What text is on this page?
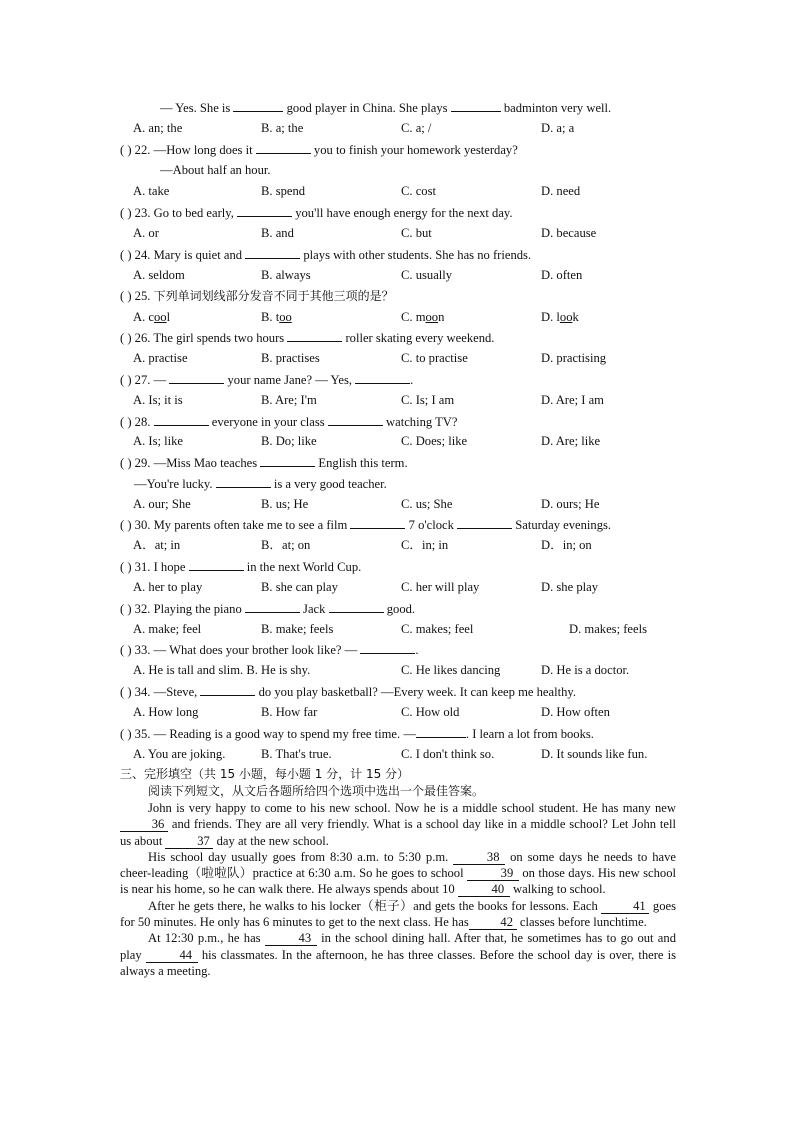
— Yes. She is	good player in China. She plays	badminton very well.
A. an; the	B. a; the	C. a; /	D. a; a
( ) 22. —How long does it	you to finish your homework yesterday?
—About half an hour.
A. take	B. spend	C. cost	D. need
( ) 23. Go to bed early,	you'll have enough energy for the next day.
A. or	B. and	C. but	D. because
( ) 24. Mary is quiet and	plays with other students. She has no friends.
A. seldom	B. always	C. usually	D. often
( ) 25. 下列单词划线部分发音不同于其他三项的是？
A. cool	B. too	C. moon	D. look
( ) 26. The girl spends two hours	roller skating every weekend.
A. practise	B. practises	C. to practise	D. practising
( ) 27. —	your name Jane? — Yes,	.
A. Is; it is	B. Are; I'm	C. Is; I am	D. Are; I am
( ) 28.	everyone in your class	watching TV?
A. Is; like	B. Do; like	C. Does; like	D. Are; like
( ) 29. —Miss Mao teaches	English this term.
—You're lucky.	is a very good teacher.
A. our; She	B. us; He	C. us; She	D. ours; He
( ) 30. My parents often take me to see a film	7 o'clock	Saturday evenings.
A．at; in	B．at; on	C．in; in	D．in; on
( ) 31. I hope	in the next World Cup.
A. her to play	B. she can play	C. her will play	D. she play
( ) 32. Playing the piano	Jack	good.
A. make; feel	B. make; feels	C. makes; feel	D. makes; feels
( ) 33. — What does your brother look like? —	.
A. He is tall and slim. B. He is shy.	C. He likes dancing	D. He is a doctor.
( ) 34. —Steve,	do you play basketball? —Every week. It can keep me healthy.
A. How long	B. How far	C. How old	D. How often
( ) 35. — Reading is a good way to spend my free time. —	. I learn a lot from books.
A. You are joking.	B. That's true.	C. I don't think so.	D. It sounds like fun.
三、完形填空（共 15 小题，每小题 1 分，计 15 分）
阅读下列短文，从文后各题所给四个选项中选出一个最佳答案。

John is very happy to come to his new school. Now he is a middle school student. He has many new 36 and friends. They are all very friendly. What is a school day like in a middle school? Let John tell us about	37 day at the new school.

His school day usually goes from 8:30 a.m. to 5:30 p.m.	38 on some days he needs to have cheer-leading（啦啦队）practice at 6:30 a.m. So he goes to school	39 on those days. His new school is near his home, so he can walk there. He always spends about 10	40 walking to school.

After he gets there, he walks to his locker（柜子）and gets the books for lessons. Each	41 goes for 50 minutes. He only has 6 minutes to get to the next class. He has	42 classes before lunchtime.

At 12:30 p.m., he has	43 in the school dining hall. After that, he sometimes has to go out and play	44 his classmates. In the afternoon, he has three classes. Before the school day is over, there is always a meeting.
